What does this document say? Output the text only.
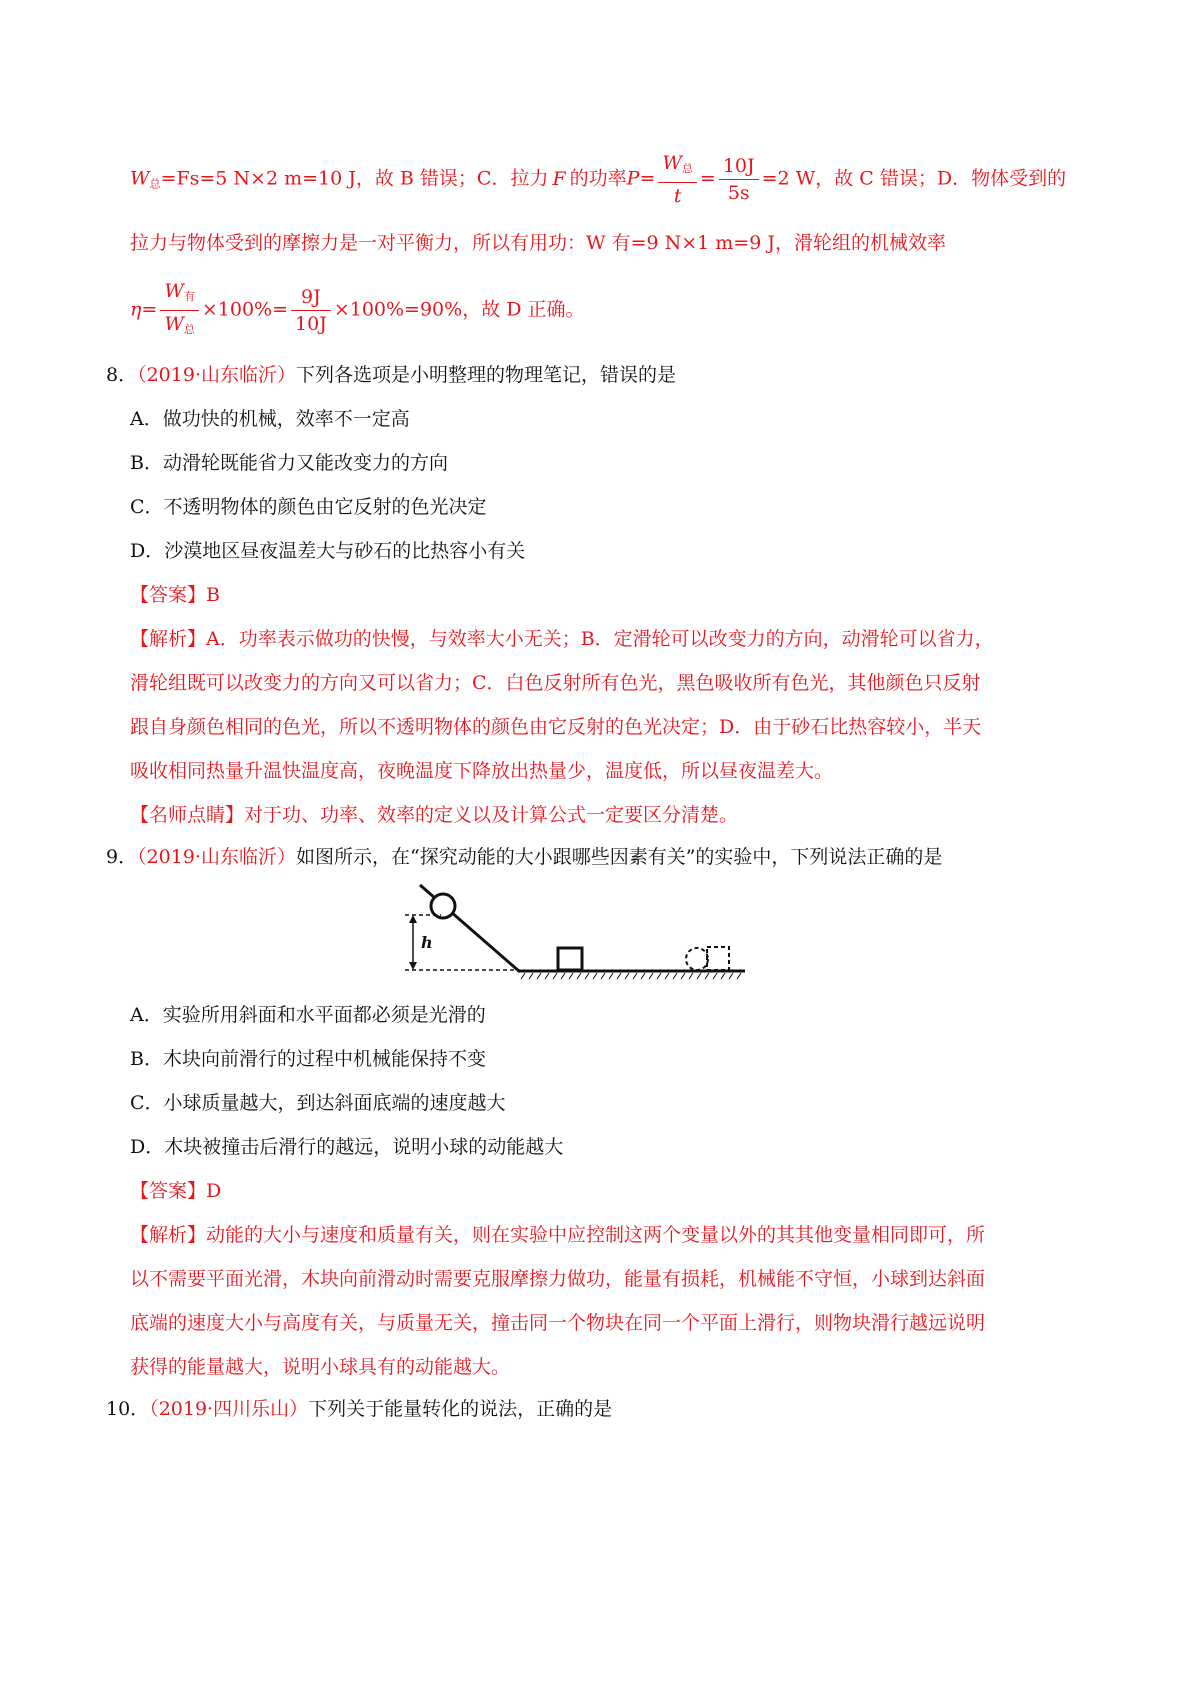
$W_总=Fs=5$ N×2 m=10 J，故 B 错误；C．拉力 F 的功率$P= \frac{W_总}{t} = \frac{10J}{5s} =2$ W，故 C 错误；D．物体受到的
拉力与物体受到的摩擦力是一对平衡力，所以有用功：W 有=9 N×1 m=9 J，滑轮组的机械效率
$\eta= \frac{W_有}{W_总} \times 100\%= \frac{9J}{10J} \times 100\%=90\%$，故 D 正确。
8．（2019·山东临沂）下列各选项是小明整理的物理笔记，错误的是
A．做功快的机械，效率不一定高
B．动滑轮既能省力又能改变力的方向
C．不透明物体的颜色由它反射的色光决定
D．沙漠地区昼夜温差大与砂石的比热容小有关
【答案】B
【解析】A．功率表示做功的快慢，与效率大小无关；B．定滑轮可以改变力的方向，动滑轮可以省力，
滑轮组既可以改变力的方向又可以省力；C．白色反射所有色光，黑色吸收所有色光，其他颜色只反射
跟自身颜色相同的色光，所以不透明物体的颜色由它反射的色光决定；D．由于砂石比热容较小，半天
吸收相同热量升温快温度高，夜晚温度下降放出热量少，温度低，所以昼夜温差大。
【名师点睛】对于功、功率、效率的定义以及计算公式一定要区分清楚。
9．（2019·山东临沂）如图所示，在“探究动能的大小跟哪些因素有关”的实验中，下列说法正确的是
h
A．实验所用斜面和水平面都必须是光滑的
B．木块向前滑行的过程中机械能保持不变
C．小球质量越大，到达斜面底端的速度越大
D．木块被撞击后滑行的越远，说明小球的动能越大
【答案】D
【解析】动能的大小与速度和质量有关，则在实验中应控制这两个变量以外的其其他变量相同即可，所
以不需要平面光滑，木块向前滑动时需要克服摩擦力做功，能量有损耗，机械能不守恒，小球到达斜面
底端的速度大小与高度有关，与质量无关，撞击同一个物块在同一个平面上滑行，则物块滑行越远说明
获得的能量越大，说明小球具有的动能越大。
10．（2019·四川乐山）下列关于能量转化的说法，正确的是
